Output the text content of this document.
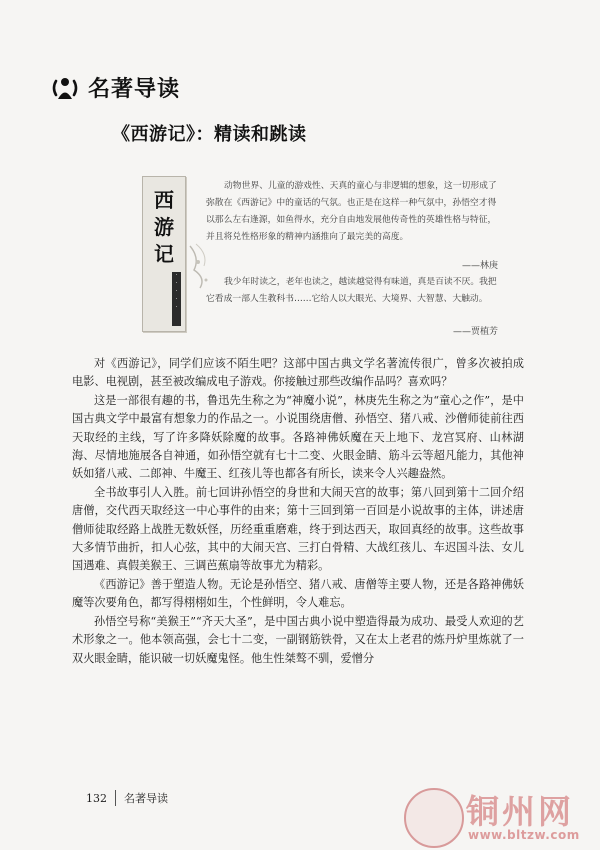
名著导读
《西游记》：精读和跳读
西游记
·
·
·
·
·
动物世界、儿童的游戏性、天真的童心与非逻辑的想象，这一切形成了弥散在《西游记》中的童话的气氛。也正是在这样一种气氛中，孙悟空才得以那么左右逢源，如鱼得水，充分自由地发展他传奇性的英雄性格与特征，并且将兑性格形象的精神内涵推向了最完美的高度。
——林庚
我少年时读之，老年也读之，越读越觉得有味道，真是百读不厌。我把它看成一部人生教科书……它给人以大眼光、大境界、大智慧、大触动。
——贾植芳

对《西游记》，同学们应该不陌生吧？这部中国古典文学名著流传很广，曾多次被拍成电影、电视剧，甚至被改编成电子游戏。你接触过那些改编作品吗？喜欢吗？

这是一部很有趣的书，鲁迅先生称之为“神魔小说”，林庚先生称之为“童心之作”，是中国古典文学中最富有想象力的作品之一。小说围绕唐僧、孙悟空、猪八戒、沙僧师徒前往西天取经的主线，写了许多降妖除魔的故事。各路神佛妖魔在天上地下、龙宫冥府、山林湖海、尽情地施展各自神通，如孙悟空就有七十二变、火眼金睛、筋斗云等超凡能力，其他神妖如猪八戒、二郎神、牛魔王、红孩儿等也都各有所长，读来令人兴趣盎然。

全书故事引人入胜。前七回讲孙悟空的身世和大闹天宫的故事；第八回到第十二回介绍唐僧，交代西天取经这一中心事件的由来；第十三回到第一百回是小说故事的主体，讲述唐僧师徒取经路上战胜无数妖怪，历经重重磨难，终于到达西天，取回真经的故事。这些故事大多情节曲折，扣人心弦，其中的大闹天宫、三打白骨精、大战红孩儿、车迟国斗法、女儿国遇难、真假美猴王、三调芭蕉扇等故事尤为精彩。

《西游记》善于塑造人物。无论是孙悟空、猪八戒、唐僧等主要人物，还是各路神佛妖魔等次要角色，都写得栩栩如生，个性鲜明，令人难忘。

孙悟空号称“美猴王”“齐天大圣”，是中国古典小说中塑造得最为成功、最受人欢迎的艺术形象之一。他本领高强，会七十二变，一副钢筋铁骨，又在太上老君的炼丹炉里炼就了一双火眼金睛，能识破一切妖魔鬼怪。他生性桀骜不驯，爱憎分

132 名著导读	铜州网
www.bltzw.com
